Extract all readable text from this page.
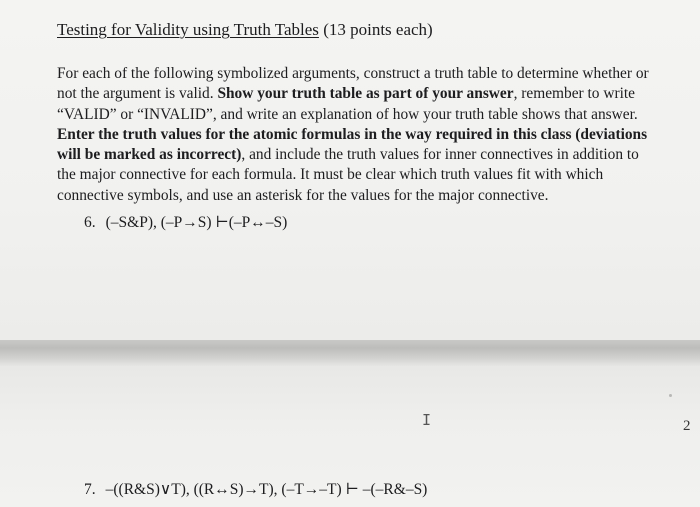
Testing for Validity using Truth Tables (13 points each)
For each of the following symbolized arguments, construct a truth table to determine whether or
not the argument is valid. Show your truth table as part of your answer, remember to write
“VALID” or “INVALID”, and write an explanation of how your truth table shows that answer.
Enter the truth values for the atomic formulas in the way required in this class (deviations
will be marked as incorrect), and include the truth values for inner connectives in addition to
the major connective for each formula. It must be clear which truth values fit with which
connective symbols, and use an asterisk for the values for the major connective.
6. (–S&P), (–P→S) ⊢(–P↔–S)
I	2
7. –((R&S)∨T), ((R↔S)→T), (–T→–T) ⊢ –(–R&–S)
